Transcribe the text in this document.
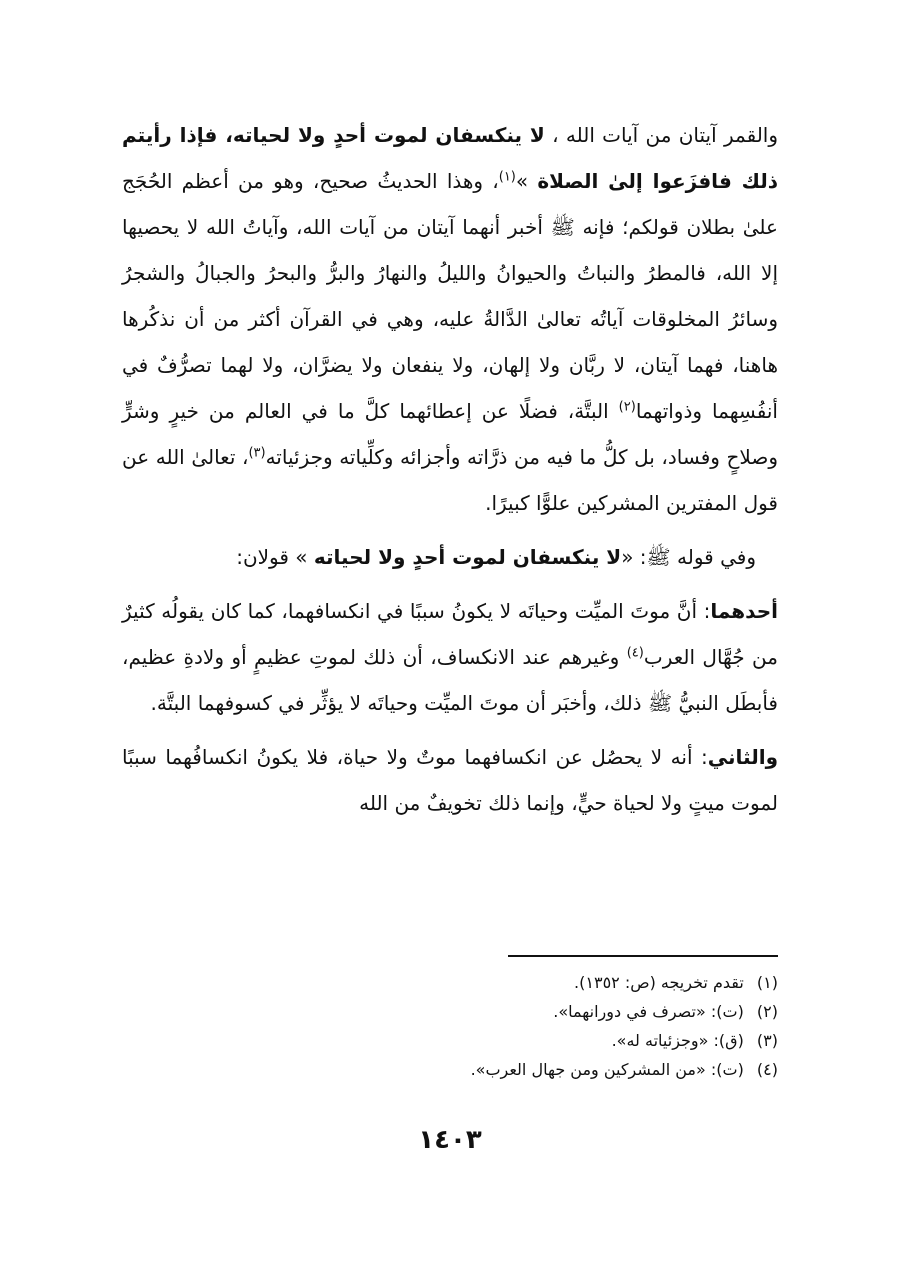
والقمر آيتان من آيات الله ، لا ينكسفان لموت أحدٍ ولا لحياته، فإذا رأيتم ذلك فافزَعوا إلىٰ الصلاة »$^{(١)}$، وهذا الحديثُ صحيح، وهو من أعظم الحُجَج علىٰ بطلان قولكم؛ فإنه ﷺ أخبر أنهما آيتان من آيات الله، وآياتُ الله لا يحصيها إلا الله، فالمطرُ والنباتُ والحيوانُ والليلُ والنهارُ والبرُّ والبحرُ والجبالُ والشجرُ وسائرُ المخلوقات آياتُه تعالىٰ الدَّالةُ عليه، وهي في القرآن أكثر من أن نذكُرها هاهنا، فهما آيتان، لا ربَّان ولا إلهان، ولا ينفعان ولا يضرَّان، ولا لهما تصرُّفٌ في أنفُسِهما وذواتهما$^{(٢)}$ البتَّة، فضلًا عن إعطائهما كلَّ ما في العالم من خيرٍ وشرٍّ وصلاحٍ وفساد، بل كلُّ ما فيه من ذرَّاته وأجزائه وكلِّياته وجزئياته$^{(٣)}$، تعالىٰ الله عن قول المفترين المشركين علوًّا كبيرًا.

وفي قوله ﷺ: «لا ينكسفان لموت أحدٍ ولا لحياته » قولان:

أحدهما: أنَّ موتَ الميِّت وحياتَه لا يكونُ سببًا في انكسافهما، كما كان يقولُه كثيرٌ من جُهَّال العرب$^{(٤)}$ وغيرهم عند الانكساف، أن ذلك لموتِ عظيمٍ أو ولادةِ عظيم، فأبطَل النبيُّ ﷺ ذلك، وأخبَر أن موتَ الميِّت وحياتَه لا يؤثِّر في كسوفهما البتَّة.

والثاني: أنه لا يحصُل عن انكسافهما موتٌ ولا حياة، فلا يكونُ انكسافُهما سببًا لموت ميتٍ ولا لحياة حيٍّ، وإنما ذلك تخويفٌ من الله

(١) تقدم تخريجه (ص: ١٣٥٢).

(٢) (ت): «تصرف في دورانهما».

(٣) (ق): «وجزئياته له».

(٤) (ت): «من المشركين ومن جهال العرب».

١٤٠٣
